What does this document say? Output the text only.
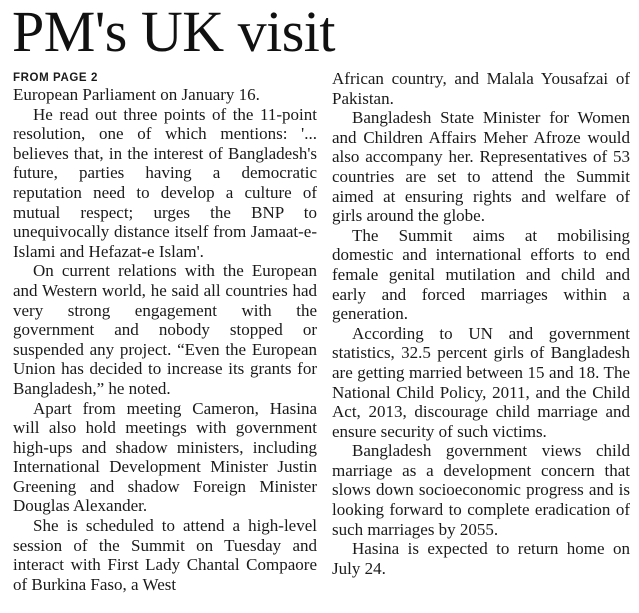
PM's UK visit

FROM PAGE 2

European Parliament on January 16.

He read out three points of the 11-point resolution, one of which mentions: '... believes that, in the interest of Bangladesh's future, parties having a democratic reputation need to develop a culture of mutual respect; urges the BNP to unequivocally distance itself from Jamaat-e-Islami and Hefazat-e Islam'.

On current relations with the European and Western world, he said all countries had very strong engagement with the government and nobody stopped or suspended any project. “Even the European Union has decided to increase its grants for Bangladesh,” he noted.

Apart from meeting Cameron, Hasina will also hold meetings with government high-ups and shadow ministers, including International Development Minister Justin Greening and shadow Foreign Minister Douglas Alexander.

She is scheduled to attend a high-level session of the Summit on Tuesday and interact with First Lady Chantal Compaore of Burkina Faso, a West

African country, and Malala Yousafzai of Pakistan.

Bangladesh State Minister for Women and Children Affairs Meher Afroze would also accompany her. Representatives of 53 countries are set to attend the Summit aimed at ensuring rights and welfare of girls around the globe.

The Summit aims at mobilising domestic and international efforts to end female genital mutilation and child and early and forced marriages within a generation.

According to UN and government statistics, 32.5 percent girls of Bangladesh are getting married between 15 and 18. The National Child Policy, 2011, and the Child Act, 2013, discourage child marriage and ensure security of such victims.

Bangladesh government views child marriage as a development concern that slows down socioeconomic progress and is looking forward to complete eradication of such marriages by 2055.

Hasina is expected to return home on July 24.
